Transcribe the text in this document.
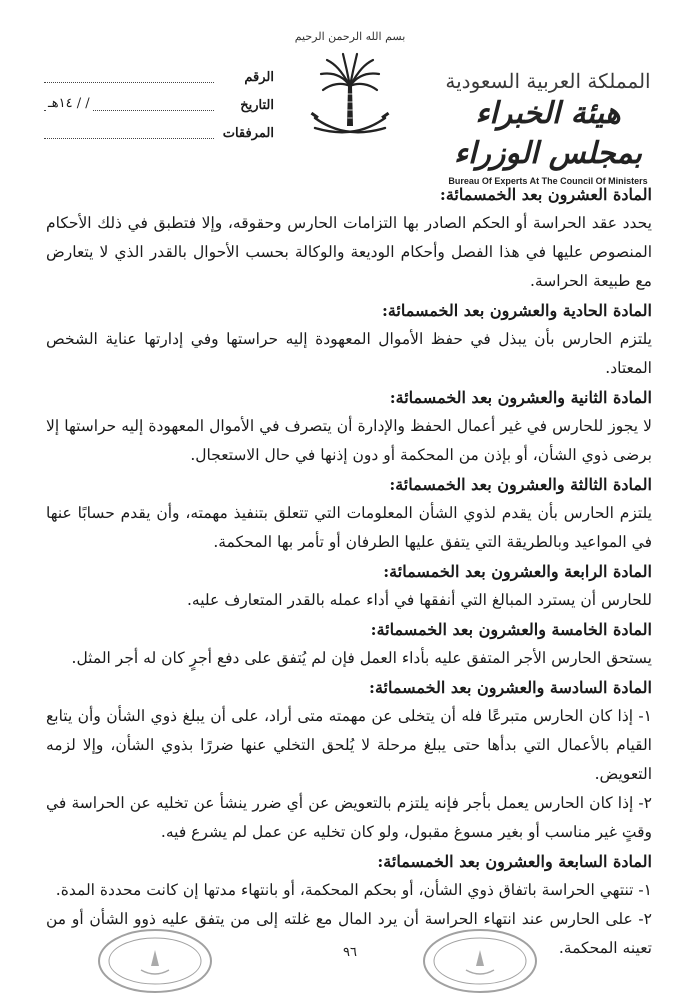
المملكة العربية السعودية
هيئة الخبراء بمجلس الوزراء
Bureau Of Experts At The Council Of Ministers
بسم الله الرحمن الرحيم
الرقم
التاريخ
/ / ١٤هـ
المرفقات

المادة العشرون بعد الخمسمائة:

يحدد عقد الحراسة أو الحكم الصادر بها التزامات الحارس وحقوقه، وإلا فتطبق في ذلك الأحكام المنصوص عليها في هذا الفصل وأحكام الوديعة والوكالة بحسب الأحوال بالقدر الذي لا يتعارض مع طبيعة الحراسة.

المادة الحادية والعشرون بعد الخمسمائة:

يلتزم الحارس بأن يبذل في حفظ الأموال المعهودة إليه حراستها وفي إدارتها عناية الشخص المعتاد.

المادة الثانية والعشرون بعد الخمسمائة:

لا يجوز للحارس في غير أعمال الحفظ والإدارة أن يتصرف في الأموال المعهودة إليه حراستها إلا برضى ذوي الشأن، أو بإذن من المحكمة أو دون إذنها في حال الاستعجال.

المادة الثالثة والعشرون بعد الخمسمائة:

يلتزم الحارس بأن يقدم لذوي الشأن المعلومات التي تتعلق بتنفيذ مهمته، وأن يقدم حسابًا عنها في المواعيد وبالطريقة التي يتفق عليها الطرفان أو تأمر بها المحكمة.

المادة الرابعة والعشرون بعد الخمسمائة:

للحارس أن يسترد المبالغ التي أنفقها في أداء عمله بالقدر المتعارف عليه.

المادة الخامسة والعشرون بعد الخمسمائة:

يستحق الحارس الأجر المتفق عليه بأداء العمل فإن لم يُتفق على دفع أجرٍ كان له أجر المثل.

المادة السادسة والعشرون بعد الخمسمائة:

١- إذا كان الحارس متبرعًا فله أن يتخلى عن مهمته متى أراد، على أن يبلغ ذوي الشأن وأن يتابع القيام بالأعمال التي بدأها حتى يبلغ مرحلة لا يُلحق التخلي عنها ضررًا بذوي الشأن، وإلا لزمه التعويض.

٢- إذا كان الحارس يعمل بأجر فإنه يلتزم بالتعويض عن أي ضرر ينشأ عن تخليه عن الحراسة في وقتٍ غير مناسب أو بغير مسوغ مقبول، ولو كان تخليه عن عمل لم يشرع فيه.

المادة السابعة والعشرون بعد الخمسمائة:

١- تنتهي الحراسة باتفاق ذوي الشأن، أو بحكم المحكمة، أو بانتهاء مدتها إن كانت محددة المدة.

٢- على الحارس عند انتهاء الحراسة أن يرد المال مع غلته إلى من يتفق عليه ذوو الشأن أو من تعينه المحكمة.

٩٦
